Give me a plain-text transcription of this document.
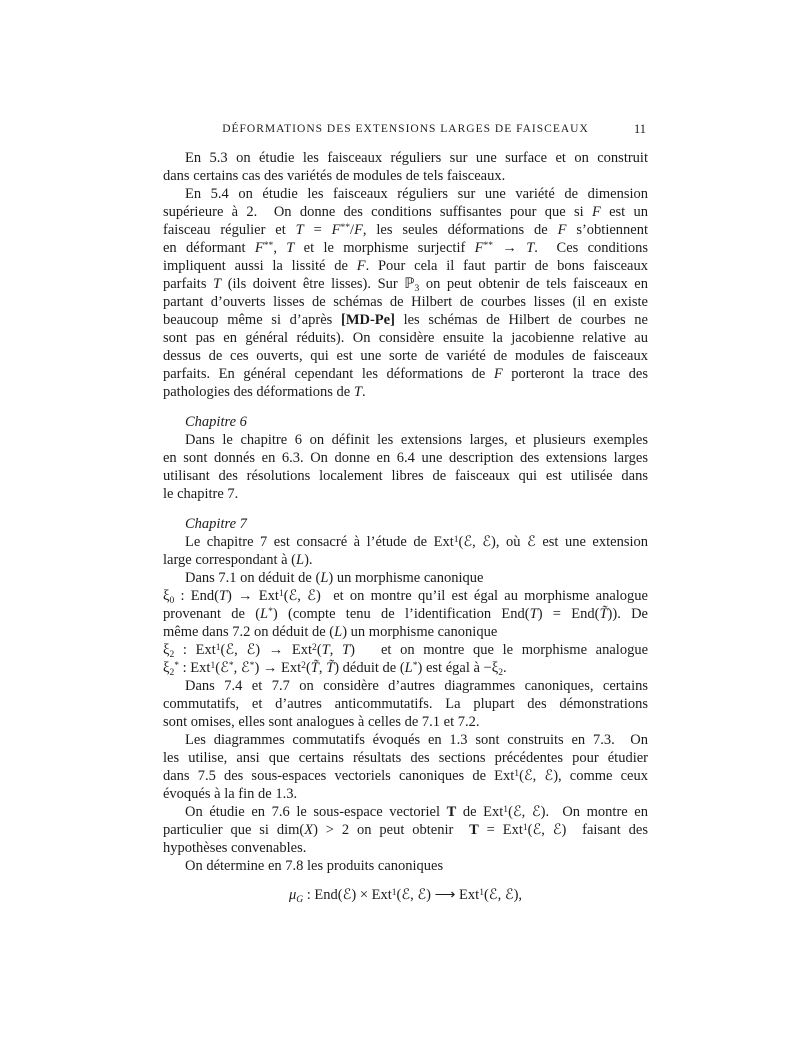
DÉFORMATIONS DES EXTENSIONS LARGES DE FAISCEAUX	11
En 5.3 on étudie les faisceaux réguliers sur une surface et on construit
dans certains cas des variétés de modules de tels faisceaux.
En 5.4 on étudie les faisceaux réguliers sur une variété de dimension
supérieure à 2.  On donne des conditions suffisantes pour que si F est un
faisceau régulier et T = F**/F, les seules déformations de F s’obtiennent
en déformant F**, T et le morphisme surjectif F** → T.  Ces conditions
impliquent aussi la lissité de F. Pour cela il faut partir de bons faisceaux
parfaits T (ils doivent être lisses). Sur ℙ$_3$ on peut obtenir de tels faisceaux en
partant d’ouverts lisses de schémas de Hilbert de courbes lisses (il en existe
beaucoup même si d’après [MD-Pe] les schémas de Hilbert de courbes ne
sont pas en général réduits). On considère ensuite la jacobienne relative au
dessus de ces ouverts, qui est une sorte de variété de modules de faisceaux
parfaits. En général cependant les déformations de F porteront la trace des
pathologies des déformations de T.
Chapitre 6
Dans le chapitre 6 on définit les extensions larges, et plusieurs exemples
en sont donnés en 6.3. On donne en 6.4 une description des extensions larges
utilisant des résolutions localement libres de faisceaux qui est utilisée dans
le chapitre 7.
Chapitre 7
Le chapitre 7 est consacré à l’étude de Ext$^1$(ℰ, ℰ), où ℰ est une extension
large correspondant à (L).
Dans 7.1 on déduit de (L) un morphisme canonique
$\xi_0$ : End(T) → Ext$^1$(ℰ, ℰ)  et on montre qu’il est égal au morphisme analogue
provenant de (L*) (compte tenu de l’identification End(T) = End(T̃)). De
même dans 7.2 on déduit de (L) un morphisme canonique
$\xi_2$ : Ext$^1$(ℰ, ℰ) → Ext$^2$(T, T)   et on montre que le morphisme analogue
$\xi_2^*$ : Ext$^1$(ℰ*, ℰ*) → Ext$^2$(T̃, T̃) déduit de (L*) est égal à $-\xi_2$.
Dans 7.4 et 7.7 on considère d’autres diagrammes canoniques, certains
commutatifs, et d’autres anticommutatifs. La plupart des démonstrations
sont omises, elles sont analogues à celles de 7.1 et 7.2.
Les diagrammes commutatifs évoqués en 1.3 sont construits en 7.3.  On
les utilise, ansi que certains résultats des sections précédentes pour étudier
dans 7.5 des sous-espaces vectoriels canoniques de Ext$^1$(ℰ, ℰ), comme ceux
évoqués à la fin de 1.3.
On étudie en 7.6 le sous-espace vectoriel T de Ext$^1$(ℰ, ℰ).  On montre en
particulier que si dim(X) > 2 on peut obtenir  T = Ext$^1$(ℰ, ℰ)  faisant des
hypothèses convenables.
On détermine en 7.8 les produits canoniques
$\mu_G$ : End(ℰ) × Ext$^1$(ℰ, ℰ) ⟶ Ext$^1$(ℰ, ℰ),
